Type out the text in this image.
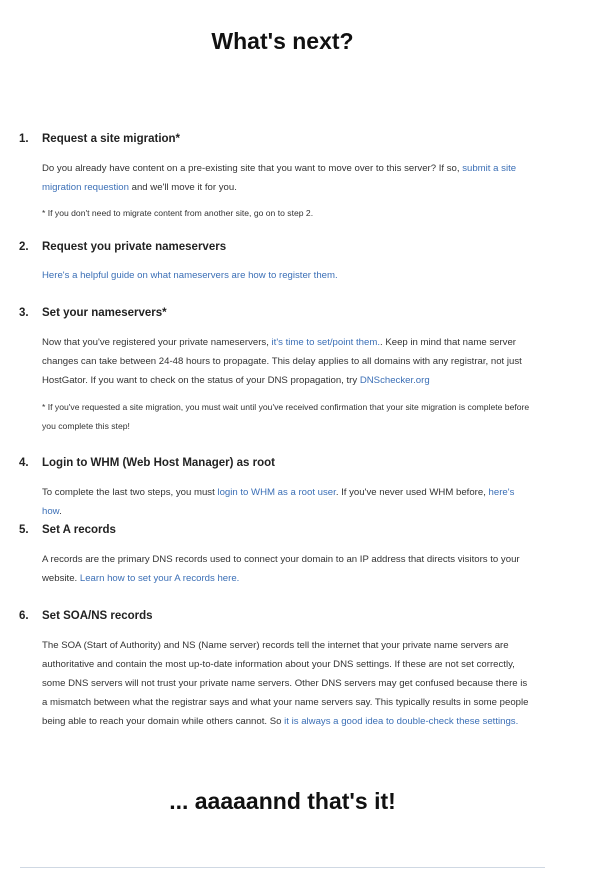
What's next?
1. Request a site migration*
Do you already have content on a pre-existing site that you want to move over to this server? If so, submit a site migration requestion and we'll move it for you.
* If you don't need to migrate content from another site, go on to step 2.
2. Request you private nameservers
Here's a helpful guide on what nameservers are how to register them.
3. Set your nameservers*
Now that you've registered your private nameservers, it's time to set/point them.. Keep in mind that name server changes can take between 24-48 hours to propagate. This delay applies to all domains with any registrar, not just HostGator. If you want to check on the status of your DNS propagation, try DNSchecker.org
* If you've requested a site migration, you must wait until you've received confirmation that your site migration is complete before you complete this step!
4. Login to WHM (Web Host Manager) as root
To complete the last two steps, you must login to WHM as a root user. If you've never used WHM before, here's how.
5. Set A records
A records are the primary DNS records used to connect your domain to an IP address that directs visitors to your website. Learn how to set your A records here.
6. Set SOA/NS records
The SOA (Start of Authority) and NS (Name server) records tell the internet that your private name servers are authoritative and contain the most up-to-date information about your DNS settings. If these are not set correctly, some DNS servers will not trust your private name servers. Other DNS servers may get confused because there is a mismatch between what the registrar says and what your name servers say. This typically results in some people being able to reach your domain while others cannot. So it is always a good idea to double-check these settings.
... aaaaannd that's it!
